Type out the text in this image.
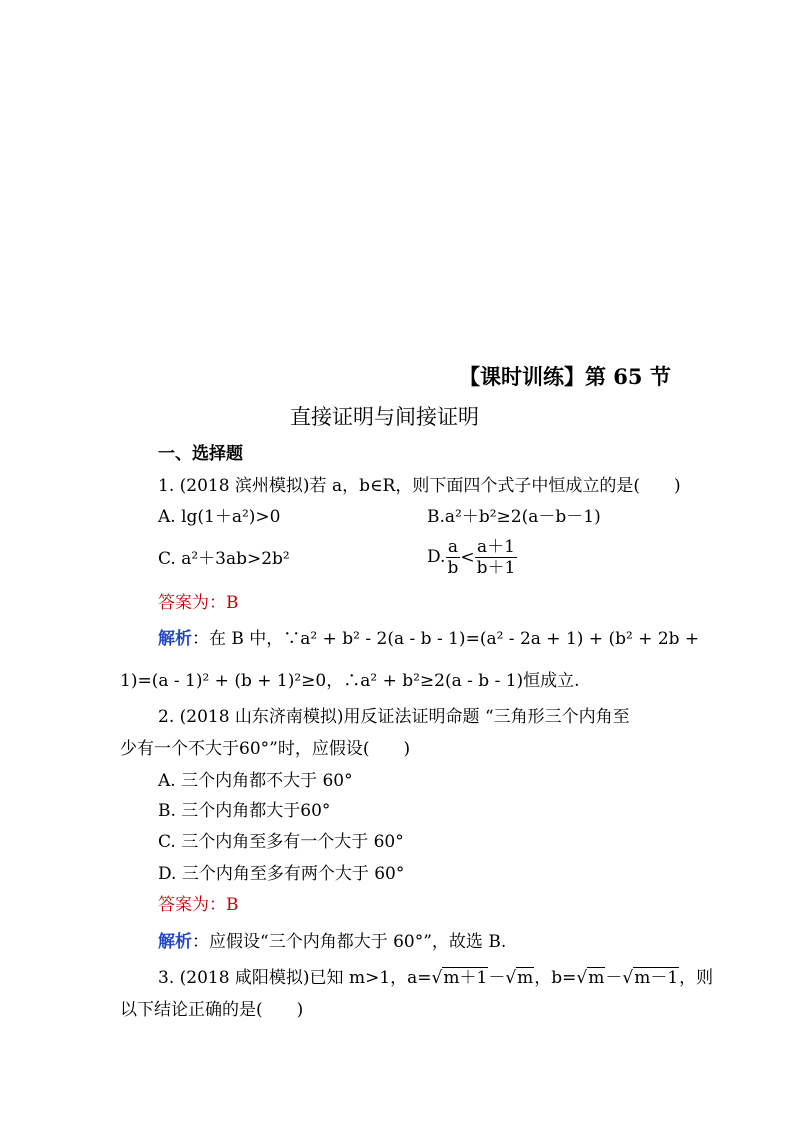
【课时训练】第 65 节
直接证明与间接证明
一、选择题
1. (2018 滨州模拟)若 a，b∈R，则下面四个式子中恒成立的是(　　)
A. lg(1＋a²)>0	B.a²＋b²≥2(a－b－1)
C. a²＋3ab>2b²	D. $\frac{a}{b} < \frac{a+1}{b+1}$
答案为：B
解析：在 B 中，∵a² + b² - 2(a - b - 1)=(a² - 2a + 1) + (b² + 2b +
1)=(a - 1)² + (b + 1)²≥0，∴a² + b²≥2(a - b - 1)恒成立.
2. (2018 山东济南模拟)用反证法证明命题 “三角形三个内角至
少有一个不大于60°”时，应假设(　　)
A. 三个内角都不大于 60°
B. 三个内角都大于60°
C. 三个内角至多有一个大于 60°
D. 三个内角至多有两个大于 60°
答案为：B
解析：应假设“三个内角都大于 60°”，故选 B.
3. (2018 咸阳模拟)已知 m>1，a=√m＋1－√m，b=√m－√m－1，则
以下结论正确的是(　　)
